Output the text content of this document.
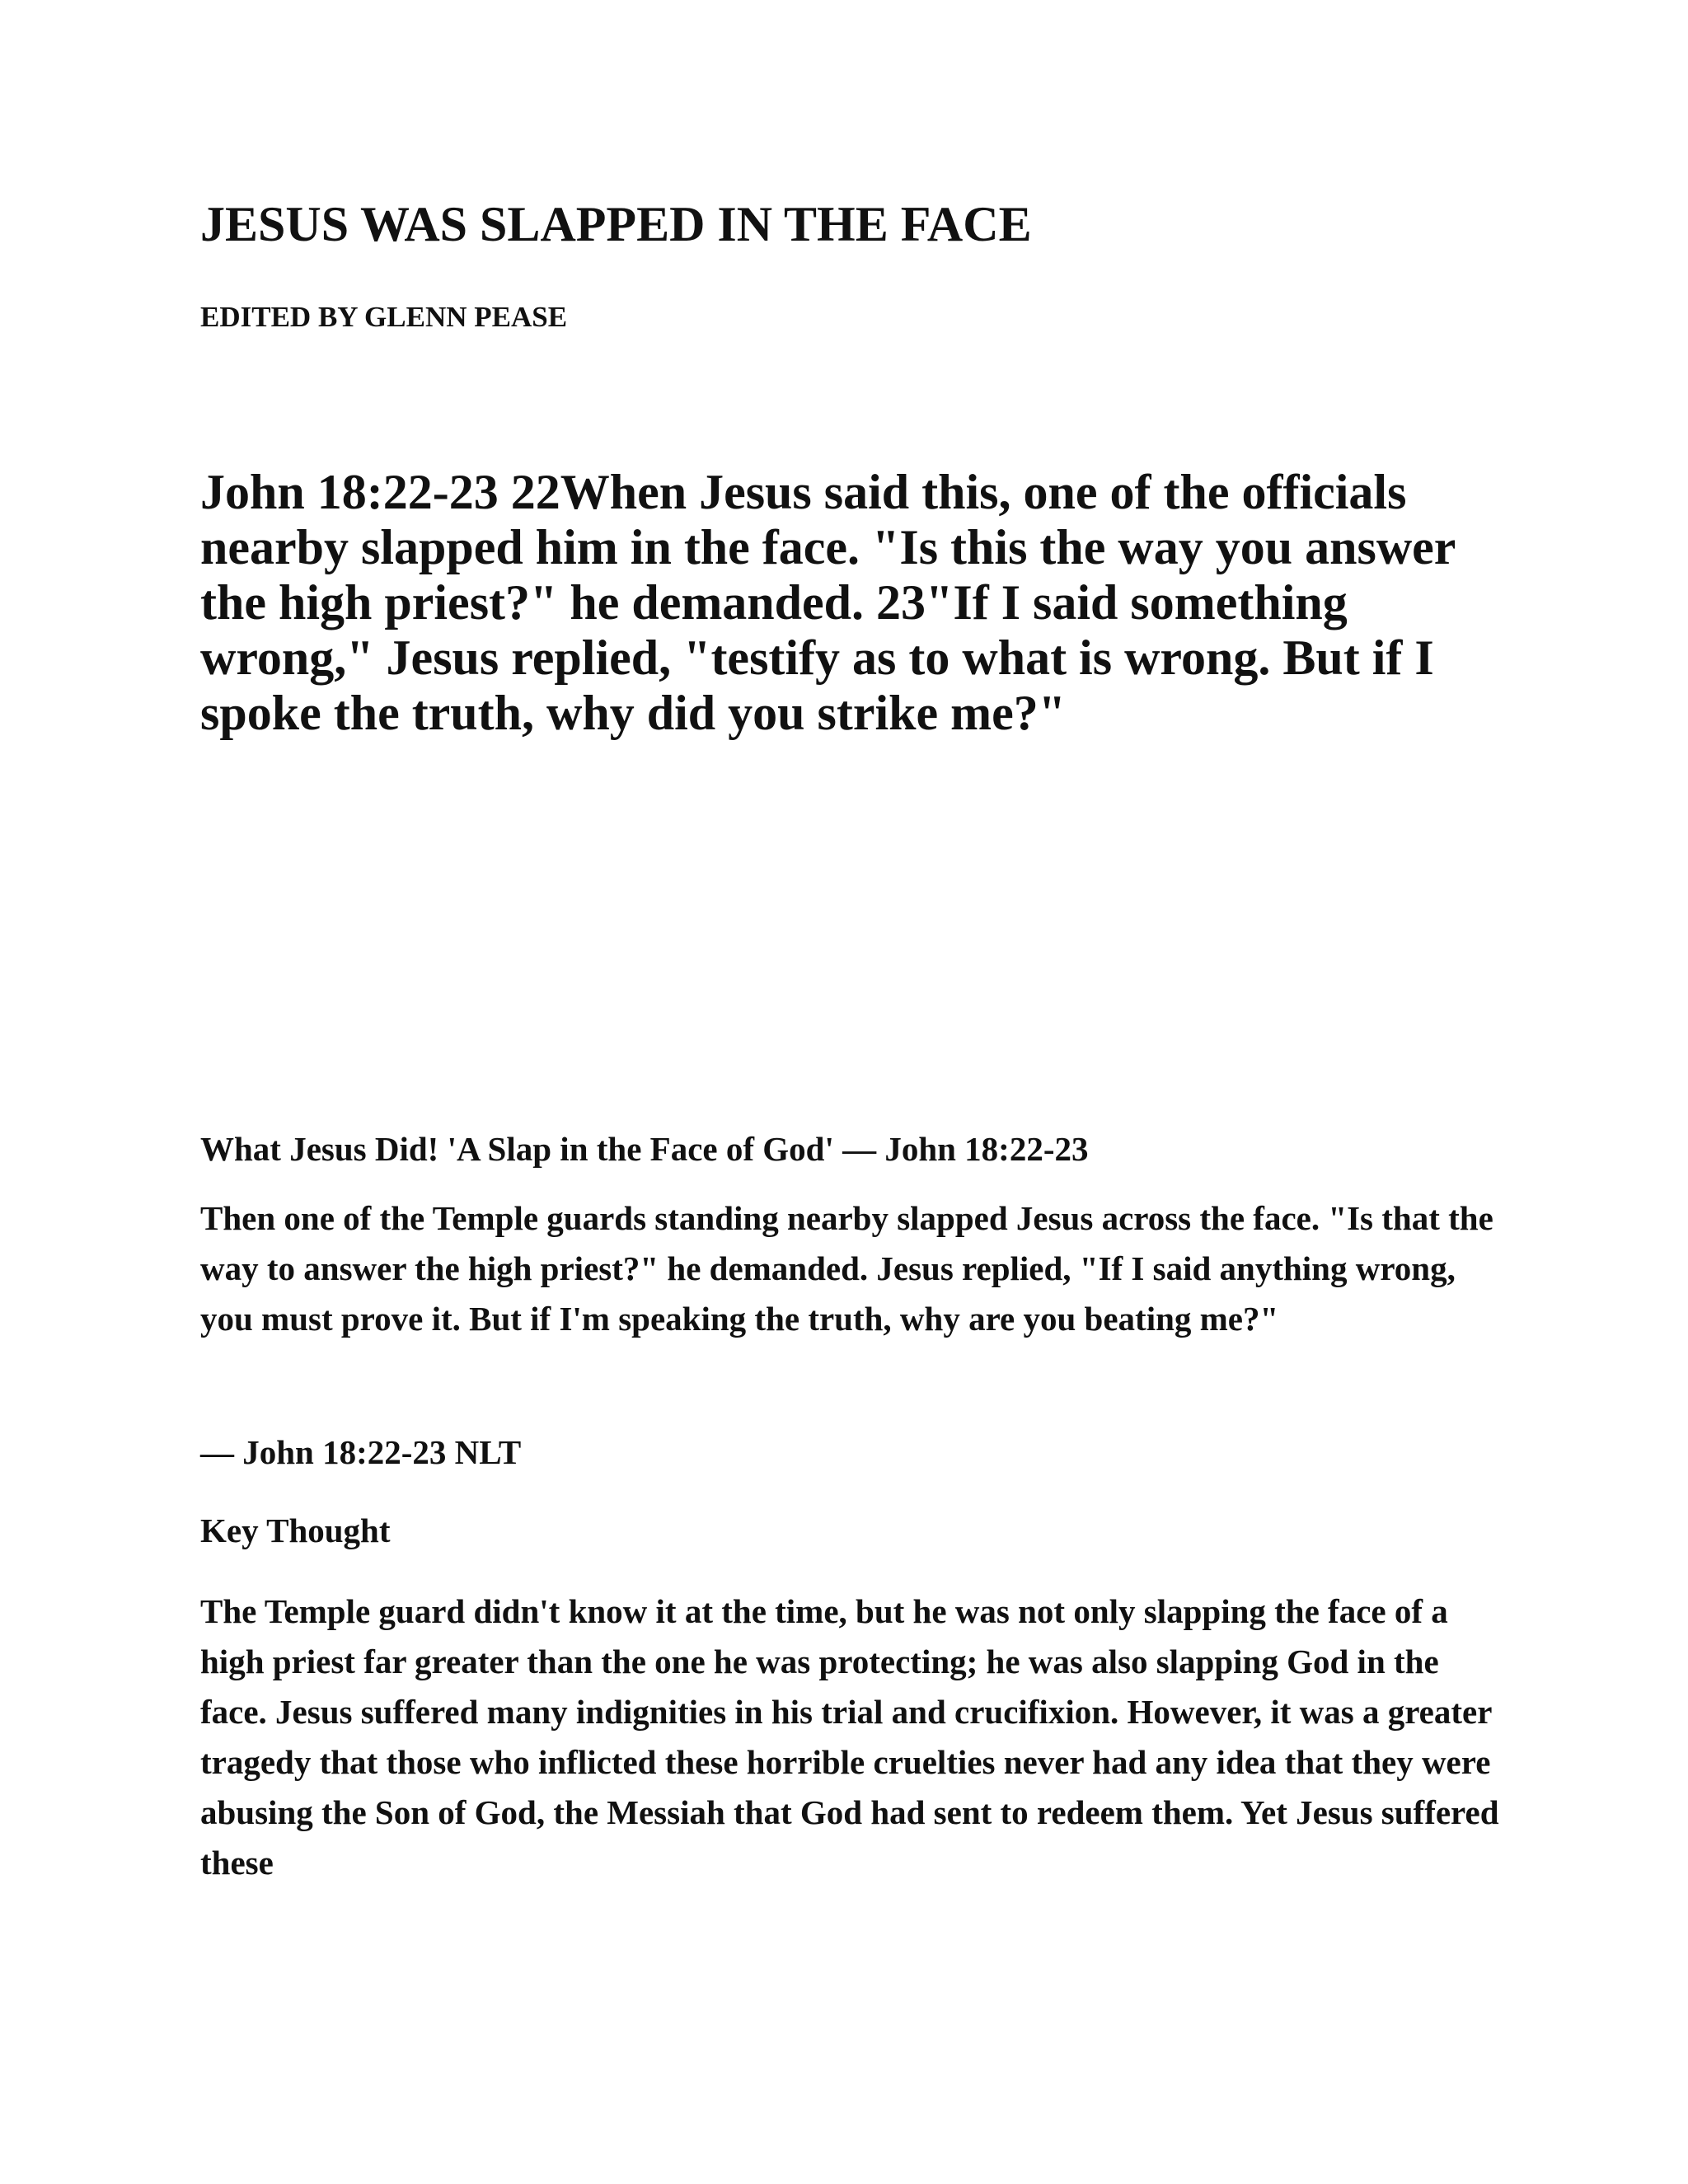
JESUS WAS SLAPPED IN THE FACE
EDITED BY GLENN PEASE

John 18:22-23 22When Jesus said this, one of the officials nearby slapped him in the face. "Is this the way you answer the high priest?" he demanded. 23"If I said something wrong," Jesus replied, "testify as to what is wrong. But if I spoke the truth, why did you strike me?"

What Jesus Did! 'A Slap in the Face of God' — John 18:22-23

Then one of the Temple guards standing nearby slapped Jesus across the face. "Is that the way to answer the high priest?" he demanded. Jesus replied, "If I said anything wrong, you must prove it. But if I'm speaking the truth, why are you beating me?"

— John 18:22-23 NLT
Key Thought

The Temple guard didn't know it at the time, but he was not only slapping the face of a high priest far greater than the one he was protecting; he was also slapping God in the face. Jesus suffered many indignities in his trial and crucifixion. However, it was a greater tragedy that those who inflicted these horrible cruelties never had any idea that they were abusing the Son of God, the Messiah that God had sent to redeem them. Yet Jesus suffered these
